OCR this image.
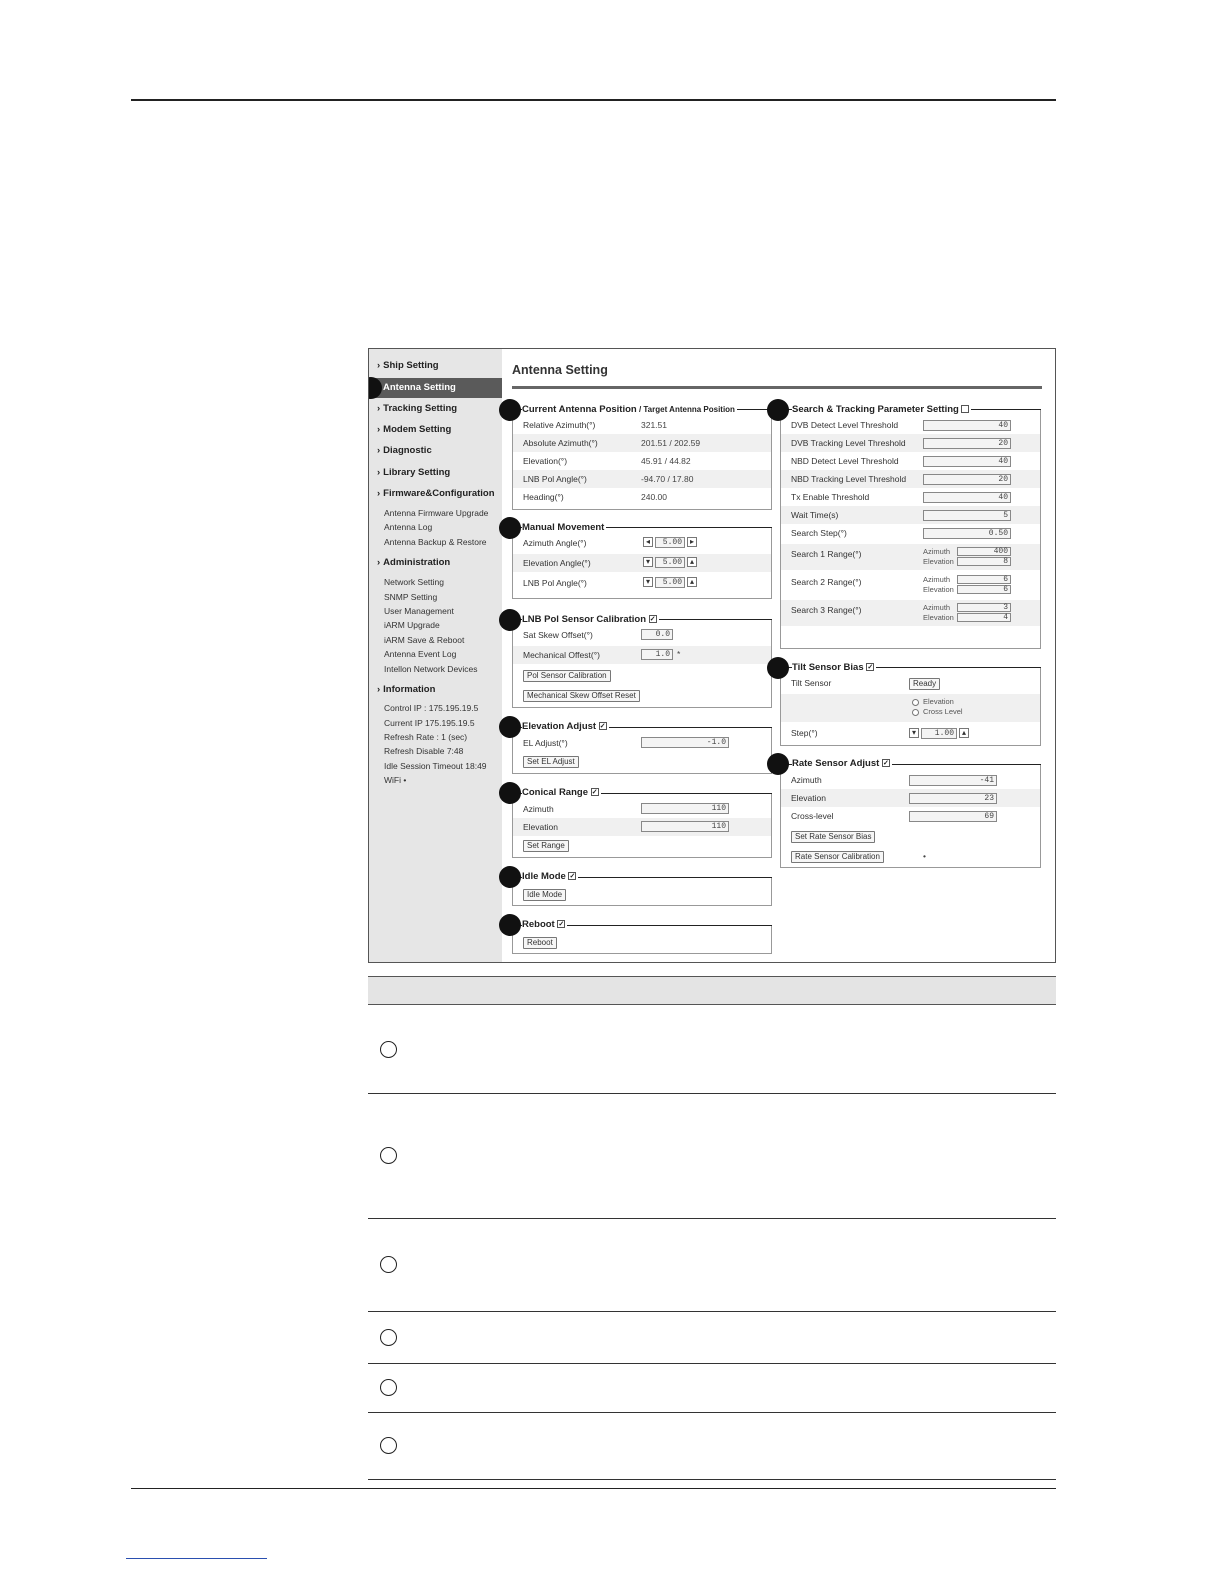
› Ship Setting
Antenna Setting
› Tracking Setting
› Modem Setting
› Diagnostic
› Library Setting
› Firmware&Configuration
Antenna Firmware Upgrade
Antenna Log
Antenna Backup & Restore
› Administration
Network Setting
SNMP Setting
User Management
iARM Upgrade
iARM Save & Reboot
Antenna Event Log
Intellon Network Devices
› Information
Control IP : 175.195.19.5
Current IP 175.195.19.5
Refresh Rate : 1 (sec)
Refresh Disable 7:48
Idle Session Timeout 18:49
WiFi •
Antenna Setting
Relative Azimuth(°)	321.51
Absolute Azimuth(°)	201.51 / 202.59
Elevation(°)	45.91 / 44.82
LNB Pol Angle(°)	-94.70 / 17.80
Heading(°)	240.00
Current Antenna Position / Target Antenna Position
Azimuth Angle(°)	◂	5.00 ▸
Elevation Angle(°)	▾	5.00 ▴
LNB Pol Angle(°)	▾	5.00 ▴
Manual Movement
Sat Skew Offset(°)	0.0
Mechanical Offest(°)	1.0 *
Pol Sensor Calibration
Mechanical Skew Offset Reset
LNB Pol Sensor Calibration ✓
EL Adjust(°)	-1.0
Set EL Adjust
Elevation Adjust ✓
Azimuth	110
Elevation	110
Set Range
Conical Range ✓
Idle Mode
Idle Mode ✓
Reboot
Reboot ✓
DVB Detect Level Threshold	40
DVB Tracking Level Threshold	20
NBD Detect Level Threshold	40
NBD Tracking Level Threshold	20
Tx Enable Threshold	40
Wait Time(s)	5
Search Step(°)	0.50
Search 1 Range(°)	Azimuth	400
Elevation	8
Search 2 Range(°)	Azimuth	6
Elevation	6
Search 3 Range(°)	Azimuth	3
Elevation	4
Search & Tracking Parameter Setting
Tilt Sensor	Ready
Elevation
Cross Level
Step(°)	▾	1.00 ▴
Tilt Sensor Bias ✓
Azimuth	-41
Elevation	23
Cross-level	69
Set Rate Sensor Bias
Rate Sensor Calibration	•
Rate Sensor Adjust ✓
